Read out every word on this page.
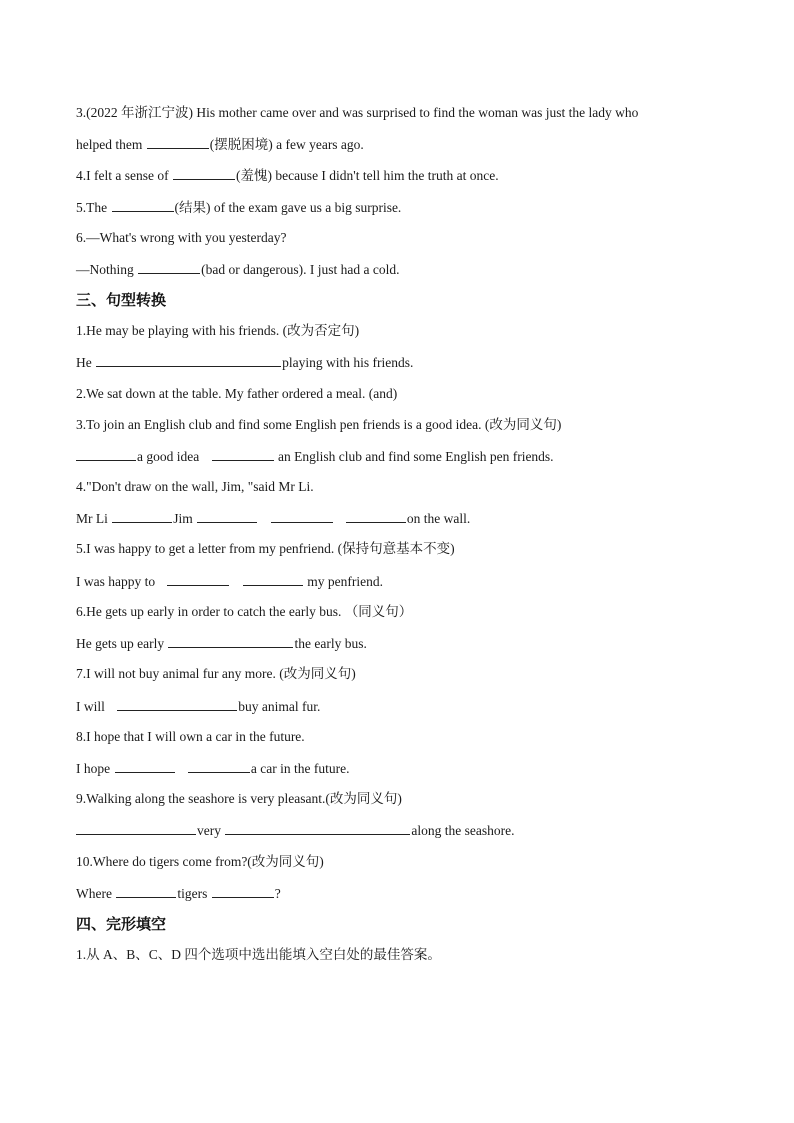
3.(2022 年浙江宁波) His mother came over and was surprised to find the woman was just the lady who
helped them	(摆脱困境) a few years ago.
4.I felt a sense of	(羞愧) because I didn't tell him the truth at once.
5.The	(结果) of the exam gave us a big surprise.
6.—What's wrong with you yesterday?
—Nothing	(bad or dangerous). I just had a cold.
三、句型转换
1.He may be playing with his friends. (改为否定句)
He	playing with his friends.
2.We sat down at the table. My father ordered a meal. (and)
3.To join an English club and find some English pen friends is a good idea. (改为同义句)
a good idea	an English club and find some English pen friends.
4."Don't draw on the wall, Jim, "said Mr Li.
Mr Li	Jim	on the wall.
5.I was happy to get a letter from my penfriend. (保持句意基本不变)
I was happy to	my penfriend.
6.He gets up early in order to catch the early bus. （同义句）
He gets up early	the early bus.
7.I will not buy animal fur any more. (改为同义句)
I will	buy animal fur.
8.I hope that I will own a car in the future.
I hope	a car in the future.
9.Walking along the seashore is very pleasant.(改为同义句)
very	along the seashore.
10.Where do tigers come from?(改为同义句)
Where	tigers	?
四、完形填空
1.从 A、B、C、D 四个选项中选出能填入空白处的最佳答案。
